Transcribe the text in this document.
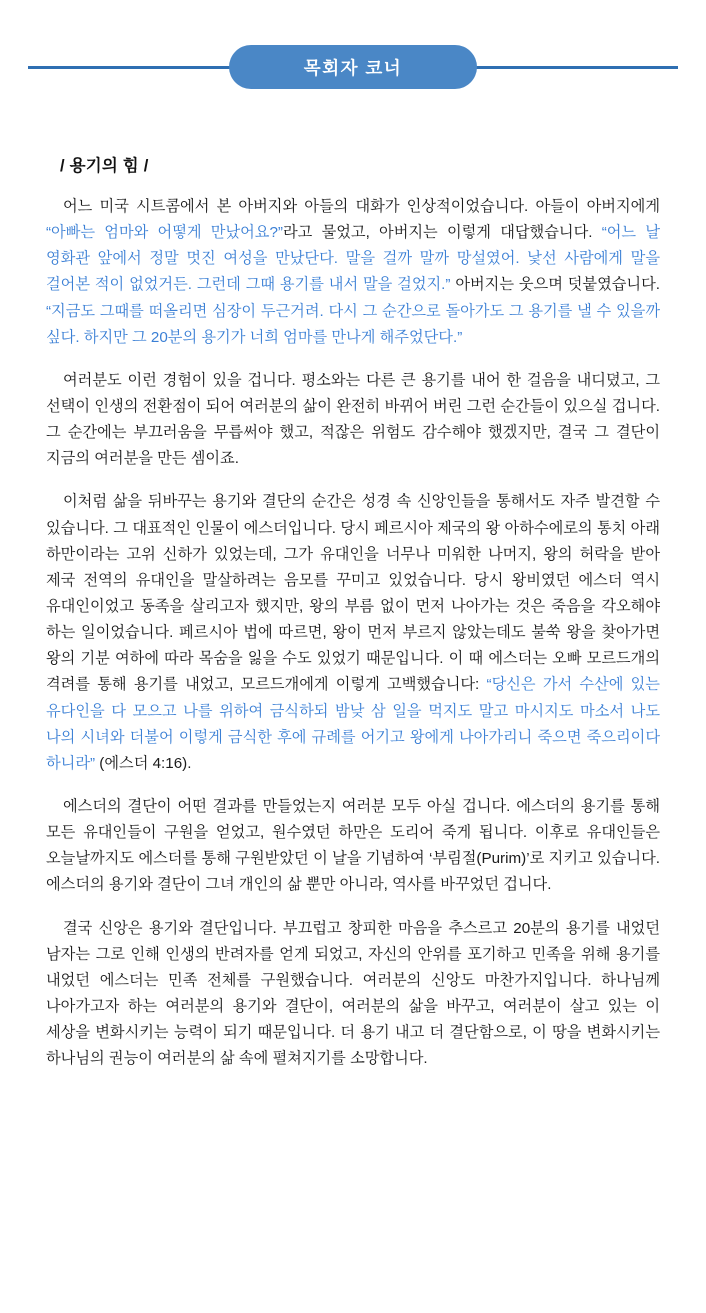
목회자 코너
/ 용기의 힘 /

어느 미국 시트콤에서 본 아버지와 아들의 대화가 인상적이었습니다. 아들이 아버지에게 “아빠는 엄마와 어떻게 만났어요?”라고 물었고, 아버지는 이렇게 대답했습니다. “어느 날 영화관 앞에서 정말 멋진 여성을 만났단다. 말을 걸까 말까 망설였어. 낯선 사람에게 말을 걸어본 적이 없었거든. 그런데 그때 용기를 내서 말을 걸었지.” 아버지는 웃으며 덧붙였습니다. “지금도 그때를 떠올리면 심장이 두근거려. 다시 그 순간으로 돌아가도 그 용기를 낼 수 있을까 싶다. 하지만 그 20분의 용기가 너희 엄마를 만나게 해주었단다.”

여러분도 이런 경험이 있을 겁니다. 평소와는 다른 큰 용기를 내어 한 걸음을 내디뎠고, 그 선택이 인생의 전환점이 되어 여러분의 삶이 완전히 바뀌어 버린 그런 순간들이 있으실 겁니다. 그 순간에는 부끄러움을 무릅써야 했고, 적잖은 위험도 감수해야 했겠지만, 결국 그 결단이 지금의 여러분을 만든 셈이죠.

이처럼 삶을 뒤바꾸는 용기와 결단의 순간은 성경 속 신앙인들을 통해서도 자주 발견할 수 있습니다. 그 대표적인 인물이 에스더입니다. 당시 페르시아 제국의 왕 아하수에로의 통치 아래 하만이라는 고위 신하가 있었는데, 그가 유대인을 너무나 미워한 나머지, 왕의 허락을 받아 제국 전역의 유대인을 말살하려는 음모를 꾸미고 있었습니다. 당시 왕비였던 에스더 역시 유대인이었고 동족을 살리고자 했지만, 왕의 부름 없이 먼저 나아가는 것은 죽음을 각오해야 하는 일이었습니다. 페르시아 법에 따르면, 왕이 먼저 부르지 않았는데도 불쑥 왕을 찾아가면 왕의 기분 여하에 따라 목숨을 잃을 수도 있었기 때문입니다. 이 때 에스더는 오빠 모르드개의 격려를 통해 용기를 내었고, 모르드개에게 이렇게 고백했습니다: “당신은 가서 수산에 있는 유다인을 다 모으고 나를 위하여 금식하되 밤낮 삼 일을 먹지도 말고 마시지도 마소서 나도 나의 시녀와 더불어 이렇게 금식한 후에 규례를 어기고 왕에게 나아가리니 죽으면 죽으리이다 하니라” (에스더 4:16).

에스더의 결단이 어떤 결과를 만들었는지 여러분 모두 아실 겁니다. 에스더의 용기를 통해 모든 유대인들이 구원을 얻었고, 원수였던 하만은 도리어 죽게 됩니다. 이후로 유대인들은 오늘날까지도 에스더를 통해 구원받았던 이 날을 기념하여 ‘부림절(Purim)’로 지키고 있습니다. 에스더의 용기와 결단이 그녀 개인의 삶 뿐만 아니라, 역사를 바꾸었던 겁니다.

결국 신앙은 용기와 결단입니다. 부끄럽고 창피한 마음을 추스르고 20분의 용기를 내었던 남자는 그로 인해 인생의 반려자를 얻게 되었고, 자신의 안위를 포기하고 민족을 위해 용기를 내었던 에스더는 민족 전체를 구원했습니다. 여러분의 신앙도 마찬가지입니다. 하나님께 나아가고자 하는 여러분의 용기와 결단이, 여러분의 삶을 바꾸고, 여러분이 살고 있는 이 세상을 변화시키는 능력이 되기 때문입니다. 더 용기 내고 더 결단함으로, 이 땅을 변화시키는 하나님의 권능이 여러분의 삶 속에 펼쳐지기를 소망합니다.
